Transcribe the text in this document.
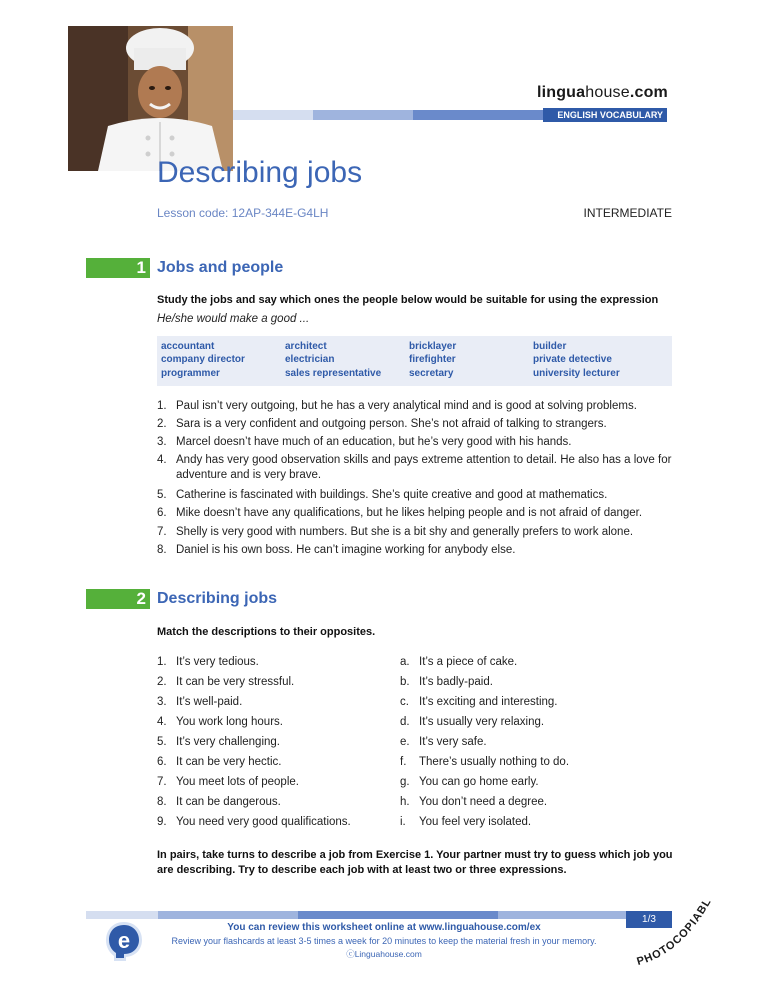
linguahouse.com
ENGLISH VOCABULARY
Describing jobs
Lesson code: 12AP-344E-G4LH	INTERMEDIATE
1 Jobs and people
Study the jobs and say which ones the people below would be suitable for using the expression
He/she would make a good ...
accountant
company director
programmer
architect
electrician
sales representative
bricklayer
firefighter
secretary
builder
private detective
university lecturer
1. Paul isn’t very outgoing, but he has a very analytical mind and is good at solving problems.
2. Sara is a very confident and outgoing person. She’s not afraid of talking to strangers.
3. Marcel doesn’t have much of an education, but he’s very good with his hands.
4. Andy has very good observation skills and pays extreme attention to detail. He also has a love for
adventure and is very brave.
5. Catherine is fascinated with buildings. She’s quite creative and good at mathematics.
6. Mike doesn’t have any qualifications, but he likes helping people and is not afraid of danger.
7. Shelly is very good with numbers. But she is a bit shy and generally prefers to work alone.
8. Daniel is his own boss. He can’t imagine working for anybody else.
2 Describing jobs
Match the descriptions to their opposites.
1. It’s very tedious.
2. It can be very stressful.
3. It’s well-paid.
4. You work long hours.
5. It’s very challenging.
6. It can be very hectic.
7. You meet lots of people.
8. It can be dangerous.
9. You need very good qualifications.
a. It’s a piece of cake.
b. It’s badly-paid.
c. It’s exciting and interesting.
d. It’s usually very relaxing.
e. It’s very safe.
f. There’s usually nothing to do.
g. You can go home early.
h. You don’t need a degree.
i. You feel very isolated.
In pairs, take turns to describe a job from Exercise 1. Your partner must try to guess which job you are describing. Try to describe each job with at least two or three expressions.
e
You can review this worksheet online at www.linguahouse.com/ex
Review your flashcards at least 3-5 times a week for 20 minutes to keep the material fresh in your memory.
ⓒLinguahouse.com
1/3
PHOTOCOPIABL
